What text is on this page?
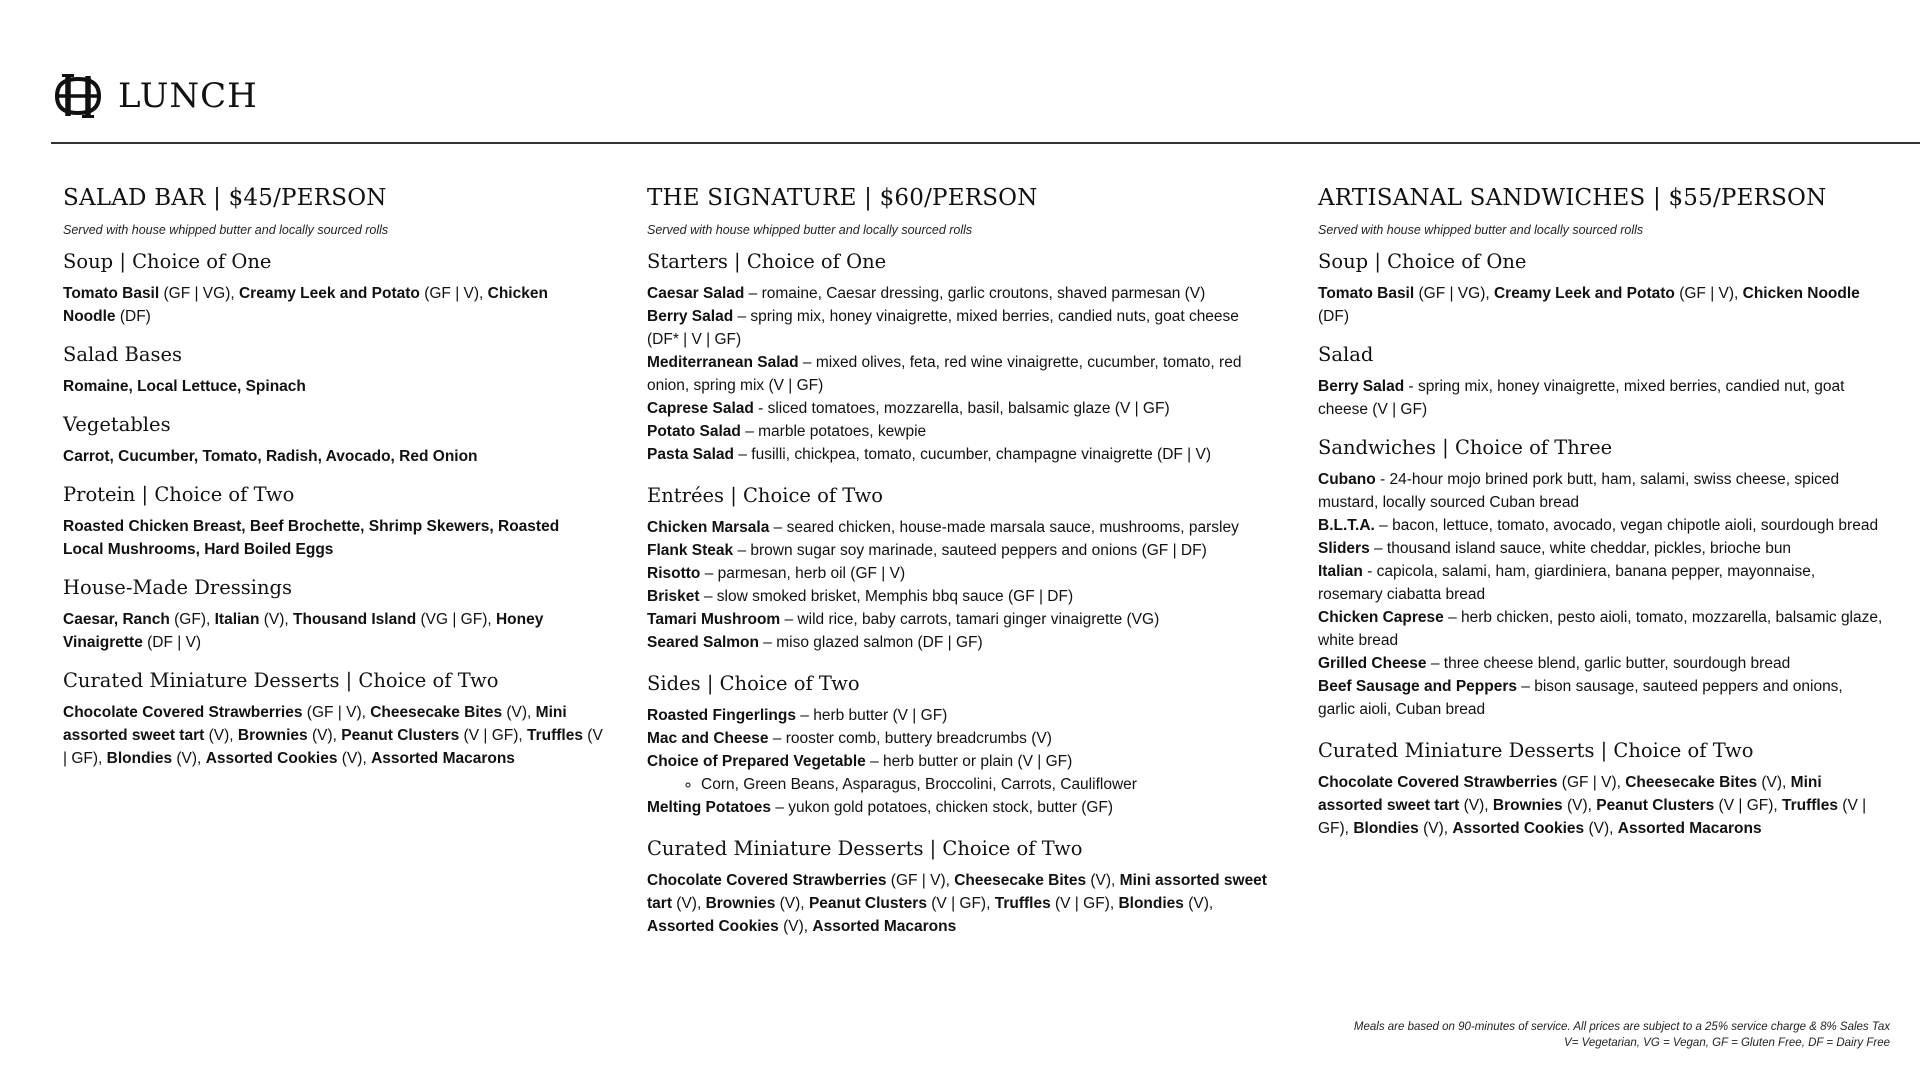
LUNCH
SALAD BAR | $45/PERSON

Served with house whipped butter and locally sourced rolls

Soup | Choice of One

Tomato Basil (GF | VG), Creamy Leek and Potato (GF | V), Chicken Noodle (DF)

Salad Bases

Romaine, Local Lettuce, Spinach

Vegetables

Carrot, Cucumber, Tomato, Radish, Avocado, Red Onion

Protein | Choice of Two

Roasted Chicken Breast, Beef Brochette, Shrimp Skewers, Roasted Local Mushrooms, Hard Boiled Eggs

House-Made Dressings

Caesar, Ranch (GF), Italian (V), Thousand Island (VG | GF), Honey Vinaigrette (DF | V)

Curated Miniature Desserts | Choice of Two

Chocolate Covered Strawberries (GF | V), Cheesecake Bites (V), Mini assorted sweet tart (V), Brownies (V), Peanut Clusters (V | GF), Truffles (V | GF), Blondies (V), Assorted Cookies (V), Assorted Macarons

THE SIGNATURE | $60/PERSON

Served with house whipped butter and locally sourced rolls

Starters | Choice of One

Caesar Salad – romaine, Caesar dressing, garlic croutons, shaved parmesan (V)

Berry Salad – spring mix, honey vinaigrette, mixed berries, candied nuts, goat cheese (DF* | V | GF)

Mediterranean Salad – mixed olives, feta, red wine vinaigrette, cucumber, tomato, red onion, spring mix (V | GF)

Caprese Salad - sliced tomatoes, mozzarella, basil, balsamic glaze (V | GF)

Potato Salad – marble potatoes, kewpie

Pasta Salad – fusilli, chickpea, tomato, cucumber, champagne vinaigrette (DF | V)

Entrées | Choice of Two

Chicken Marsala – seared chicken, house-made marsala sauce, mushrooms, parsley

Flank Steak – brown sugar soy marinade, sauteed peppers and onions (GF | DF)

Risotto – parmesan, herb oil (GF | V)

Brisket – slow smoked brisket, Memphis bbq sauce (GF | DF)

Tamari Mushroom – wild rice, baby carrots, tamari ginger vinaigrette (VG)

Seared Salmon – miso glazed salmon (DF | GF)

Sides | Choice of Two

Roasted Fingerlings – herb butter (V | GF)

Mac and Cheese – rooster comb, buttery breadcrumbs (V)

Choice of Prepared Vegetable – herb butter or plain (V | GF)

◦ Corn, Green Beans, Asparagus, Broccolini, Carrots, Cauliflower

Melting Potatoes – yukon gold potatoes, chicken stock, butter (GF)

Curated Miniature Desserts | Choice of Two

Chocolate Covered Strawberries (GF | V), Cheesecake Bites (V), Mini assorted sweet tart (V), Brownies (V), Peanut Clusters (V | GF), Truffles (V | GF), Blondies (V), Assorted Cookies (V), Assorted Macarons

ARTISANAL SANDWICHES | $55/PERSON

Served with house whipped butter and locally sourced rolls

Soup | Choice of One

Tomato Basil (GF | VG), Creamy Leek and Potato (GF | V), Chicken Noodle (DF)

Salad

Berry Salad - spring mix, honey vinaigrette, mixed berries, candied nut, goat cheese (V | GF)

Sandwiches | Choice of Three

Cubano - 24-hour mojo brined pork butt, ham, salami, swiss cheese, spiced mustard, locally sourced Cuban bread

B.L.T.A. – bacon, lettuce, tomato, avocado, vegan chipotle aioli, sourdough bread

Sliders – thousand island sauce, white cheddar, pickles, brioche bun

Italian - capicola, salami, ham, giardiniera, banana pepper, mayonnaise, rosemary ciabatta bread

Chicken Caprese – herb chicken, pesto aioli, tomato, mozzarella, balsamic glaze, white bread

Grilled Cheese – three cheese blend, garlic butter, sourdough bread

Beef Sausage and Peppers – bison sausage, sauteed peppers and onions, garlic aioli, Cuban bread

Curated Miniature Desserts | Choice of Two

Chocolate Covered Strawberries (GF | V), Cheesecake Bites (V), Mini assorted sweet tart (V), Brownies (V), Peanut Clusters (V | GF), Truffles (V | GF), Blondies (V), Assorted Cookies (V), Assorted Macarons

Meals are based on 90-minutes of service. All prices are subject to a 25% service charge & 8% Sales Tax
V= Vegetarian, VG = Vegan, GF = Gluten Free, DF = Dairy Free
